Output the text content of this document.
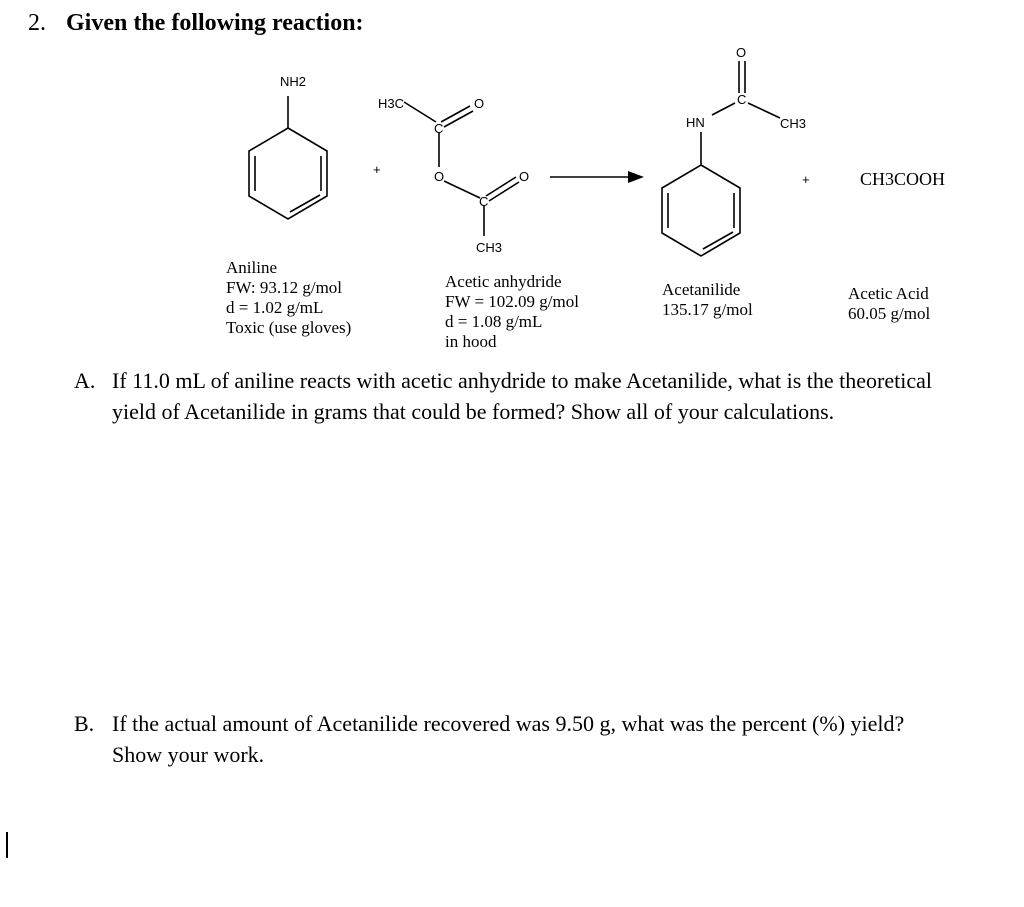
2. Given the following reaction:
NH2
H3C
C
O
O
C
O
CH3
HN
C
O
CH3
+
+	CH3COOH
Aniline
FW: 93.12 g/mol
d = 1.02 g/mL
Toxic (use gloves)
Acetic anhydride
FW = 102.09 g/mol
d = 1.08 g/mL
in hood
Acetanilide
135.17 g/mol
Acetic Acid
60.05 g/mol
A. If 11.0 mL of aniline reacts with acetic anhydride to make Acetanilide, what is the theoretical yield of Acetanilide in grams that could be formed? Show all of your calculations.
B. If the actual amount of Acetanilide recovered was 9.50 g, what was the percent (%) yield? Show your work.
